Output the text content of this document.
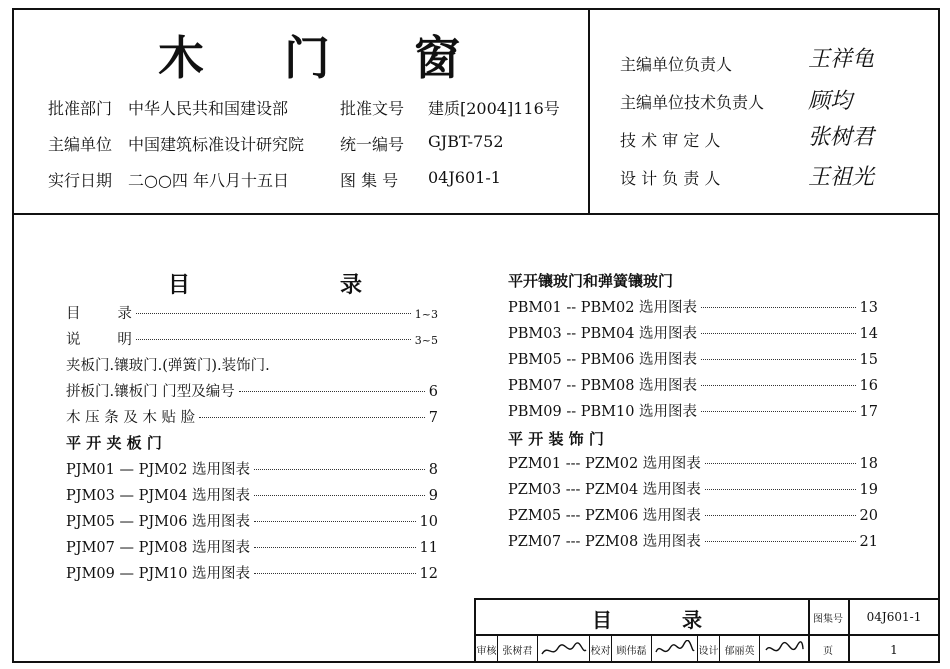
木 门 窗
批准部门 中华人民共和国建设部	批准文号 建质[2004]116号
主编单位 中国建筑标准设计研究院 统一编号 GJBT-752
实行日期 二○○四 年八月十五日	图 集 号 04J601-1
主编单位负责人	王祥龟
主编单位技术负责人 顾均
技 术 审 定 人	张树君
设 计 负 责 人	王祖光
目	录
目        录	1~3
说        明	3~5
夹板门.镶玻门.(弹簧门).装饰门.
拼板门.镶板门 门型及编号	6
木 压 条 及 木 贴 脸	7
平 开 夹 板 门
PJM01 — PJM02 选用图表	8
PJM03 — PJM04 选用图表	9
PJM05 — PJM06 选用图表	10
PJM07 — PJM08 选用图表	11
PJM09 — PJM10 选用图表	12
平开镶玻门和弹簧镶玻门
PBM01 -- PBM02 选用图表	13
PBM03 -- PBM04 选用图表	14
PBM05 -- PBM06 选用图表	15
PBM07 -- PBM08 选用图表	16
PBM09 -- PBM10 选用图表	17
平 开 装 饰 门
PZM01 --- PZM02 选用图表	18
PZM03 --- PZM04 选用图表	19
PZM05 --- PZM06 选用图表	20
PZM07 --- PZM08 选用图表	21
目	录	图集号	04J601-1
页	1
审核 张树君	校对 顾伟磊	设计 郁丽英
